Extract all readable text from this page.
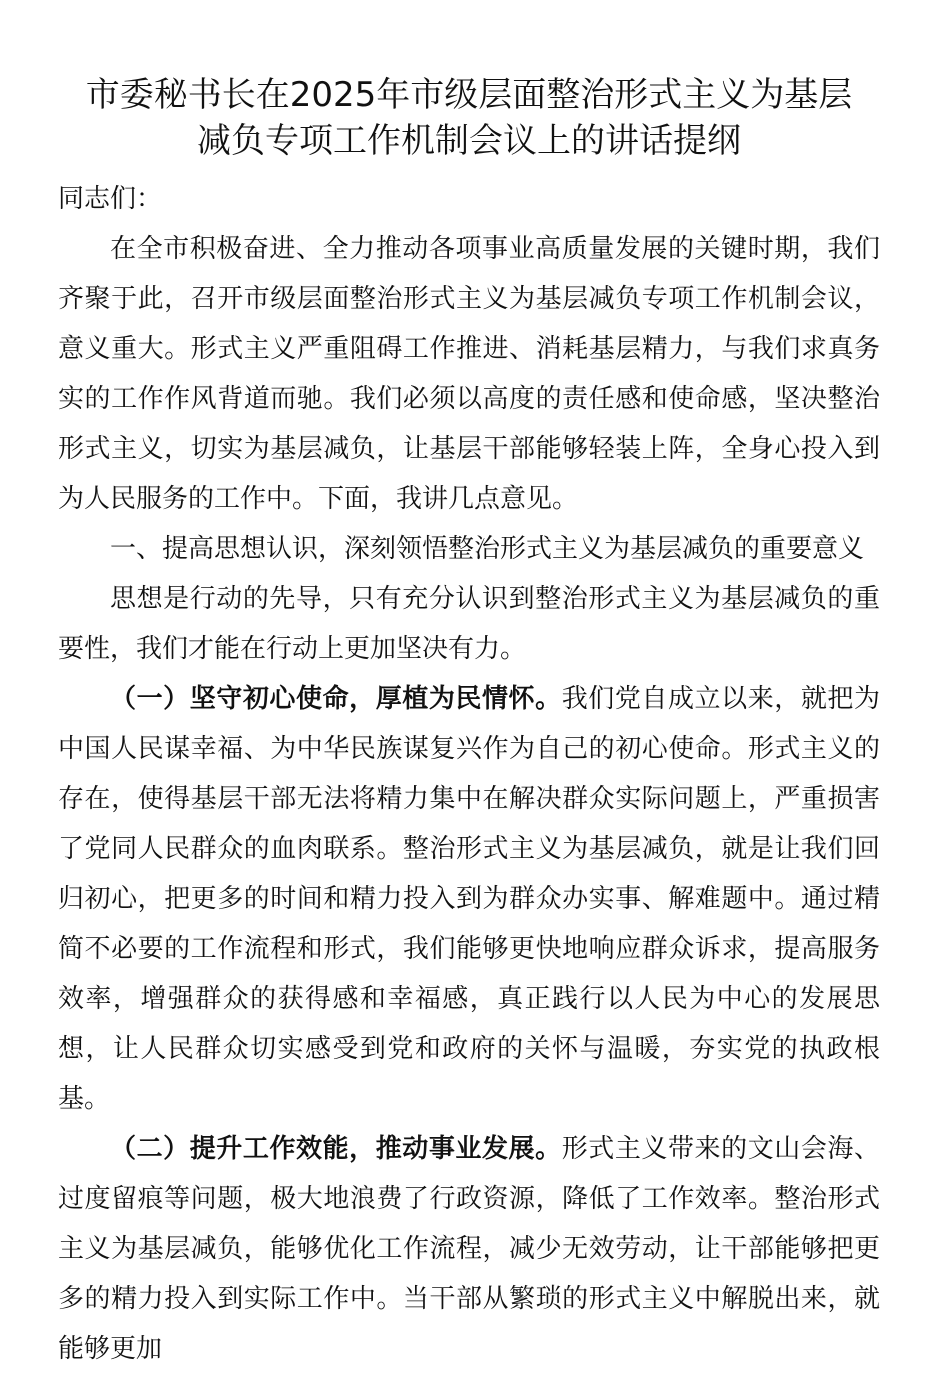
市委秘书长在2025年市级层面整治形式主义为基层
减负专项工作机制会议上的讲话提纲

同志们：

在全市积极奋进、全力推动各项事业高质量发展的关键时期，我们齐聚于此，召开市级层面整治形式主义为基层减负专项工作机制会议，意义重大。形式主义严重阻碍工作推进、消耗基层精力，与我们求真务实的工作作风背道而驰。我们必须以高度的责任感和使命感，坚决整治形式主义，切实为基层减负，让基层干部能够轻装上阵，全身心投入到为人民服务的工作中。下面，我讲几点意见。

一、提高思想认识，深刻领悟整治形式主义为基层减负的重要意义

思想是行动的先导，只有充分认识到整治形式主义为基层减负的重要性，我们才能在行动上更加坚决有力。

（一）坚守初心使命，厚植为民情怀。我们党自成立以来，就把为中国人民谋幸福、为中华民族谋复兴作为自己的初心使命。形式主义的存在，使得基层干部无法将精力集中在解决群众实际问题上，严重损害了党同人民群众的血肉联系。整治形式主义为基层减负，就是让我们回归初心，把更多的时间和精力投入到为群众办实事、解难题中。通过精简不必要的工作流程和形式，我们能够更快地响应群众诉求，提高服务效率，增强群众的获得感和幸福感，真正践行以人民为中心的发展思想，让人民群众切实感受到党和政府的关怀与温暖，夯实党的执政根基。

（二）提升工作效能，推动事业发展。形式主义带来的文山会海、过度留痕等问题，极大地浪费了行政资源，降低了工作效率。整治形式主义为基层减负，能够优化工作流程，减少无效劳动，让干部能够把更多的精力投入到实际工作中。当干部从繁琐的形式主义中解脱出来，就能够更加
